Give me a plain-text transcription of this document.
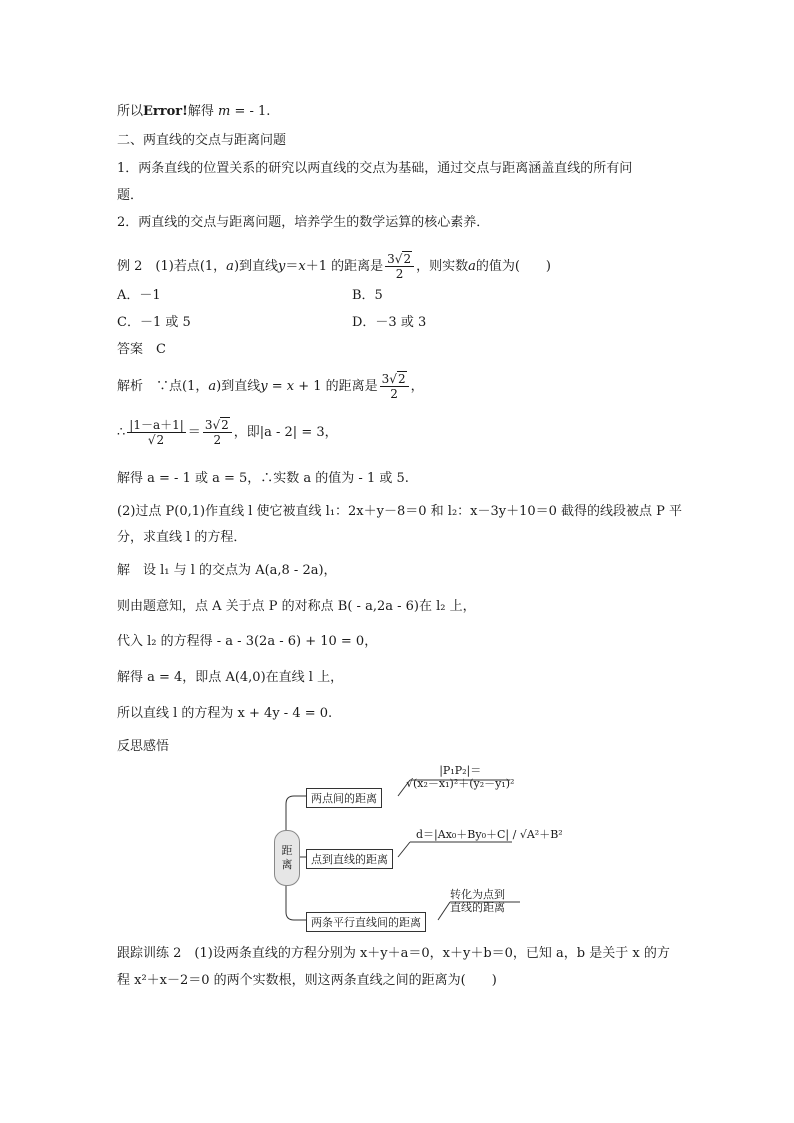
所以Error!解得 m = - 1.
二、两直线的交点与距离问题
1．两条直线的位置关系的研究以两直线的交点为基础，通过交点与距离涵盖直线的所有问
题．
2．两直线的交点与距离问题，培养学生的数学运算的核心素养．
例 2　(1)若点(1，a)到直线y＝x＋1 的距离是 $\frac{3√2}{2}$ ，则实数a的值为(　　)
A．－1	B．5
C．－1 或 5	D．－3 或 3
答案　 C
解析　 ∵点(1，a)到直线y = x + 1 的距离是 $\frac{3√2}{2}$ ，
∴ $\frac{|1-a+1|}{√2} = \frac{3√2}{2}$ ，即|a - 2| = 3，
解得 a = - 1 或 a = 5，∴实数 a 的值为 - 1 或 5.
(2)过点 P(0,1)作直线 l 使它被直线 l₁：2x＋y－8＝0 和 l₂：x－3y＋10＝0 截得的线段被点 P 平
分，求直线 l 的方程．
解　设 l₁ 与 l 的交点为 A(a,8 - 2a)，
则由题意知，点 A 关于点 P 的对称点 B( - a,2a - 6)在 l₂ 上，
代入 l₂ 的方程得 - a - 3(2a - 6) + 10 = 0，
解得 a = 4，即点 A(4,0)在直线 l 上，
所以直线 l 的方程为 x + 4y - 4 = 0.
反思感悟
距
离
两点间的距离
|P₁P₂|＝
√(x₂－x₁)²＋(y₂－y₁)²
点到直线的距离
d＝|Ax₀＋By₀＋C| / √A²＋B²
两条平行直线间的距离
转化为点到
直线的距离
跟踪训练 2　(1)设两条直线的方程分别为 x＋y＋a＝0，x＋y＋b＝0，已知 a，b 是关于 x 的方
程 x²＋x－2＝0 的两个实数根，则这两条直线之间的距离为(　　)
